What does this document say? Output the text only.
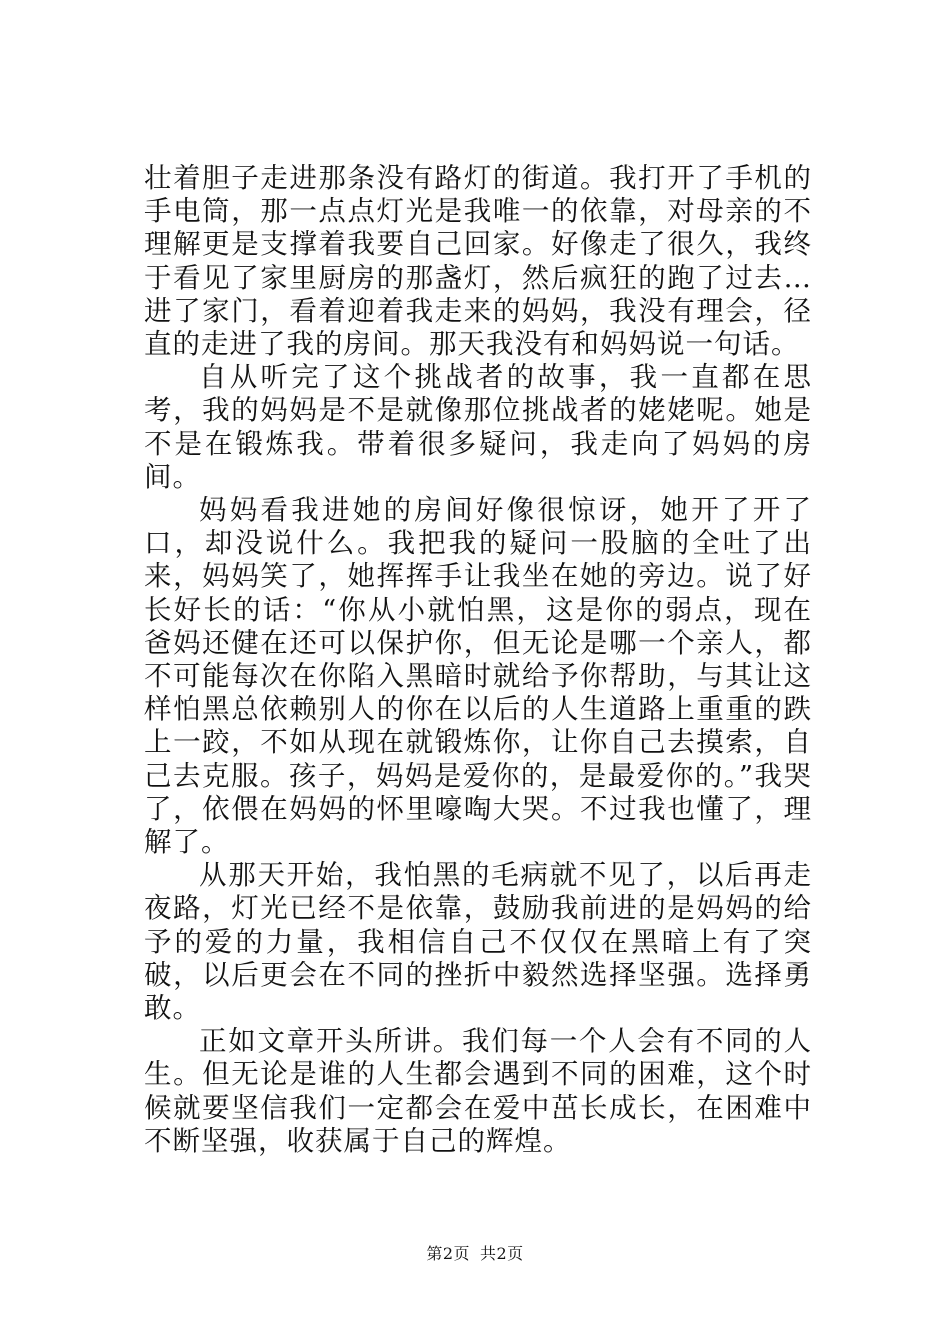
壮着胆子走进那条没有路灯的街道。我打开了手机的手电筒，那一点点灯光是我唯一的依靠，对母亲的不理解更是支撑着我要自己回家。好像走了很久，我终于看见了家里厨房的那盏灯，然后疯狂的跑了过去…进了家门，看着迎着我走来的妈妈，我没有理会，径直的走进了我的房间。那天我没有和妈妈说一句话。

自从听完了这个挑战者的故事，我一直都在思考，我的妈妈是不是就像那位挑战者的姥姥呢。她是不是在锻炼我。带着很多疑问，我走向了妈妈的房间。

妈妈看我进她的房间好像很惊讶，她开了开了口，却没说什么。我把我的疑问一股脑的全吐了出来，妈妈笑了，她挥挥手让我坐在她的旁边。说了好长好长的话：“你从小就怕黑，这是你的弱点，现在爸妈还健在还可以保护你，但无论是哪一个亲人，都不可能每次在你陷入黑暗时就给予你帮助，与其让这样怕黑总依赖别人的你在以后的人生道路上重重的跌上一跤，不如从现在就锻炼你，让你自己去摸索，自己去克服。孩子，妈妈是爱你的，是最爱你的。”我哭了，依偎在妈妈的怀里嚎啕大哭。不过我也懂了，理解了。

从那天开始，我怕黑的毛病就不见了，以后再走夜路，灯光已经不是依靠，鼓励我前进的是妈妈的给予的爱的力量，我相信自己不仅仅在黑暗上有了突破，以后更会在不同的挫折中毅然选择坚强。选择勇敢。

正如文章开头所讲。我们每一个人会有不同的人生。但无论是谁的人生都会遇到不同的困难，这个时候就要坚信我们一定都会在爱中茁长成长，在困难中不断坚强，收获属于自己的辉煌。

第2页 共2页
